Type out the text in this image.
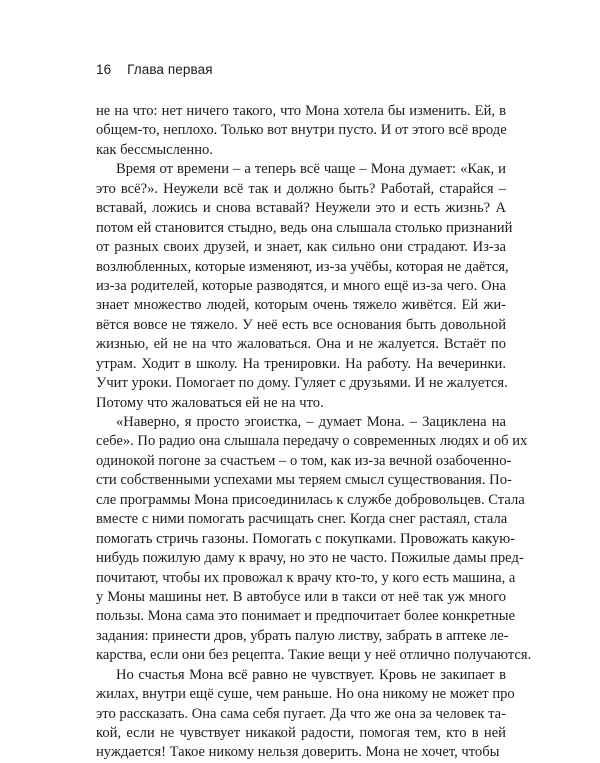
16 Глава первая
не на что: нет ничего такого, что Мона хотела бы изменить. Ей, в
общем-то, неплохо. Только вот внутри пусто. И от этого всё вроде
как бессмысленно.
Время от времени – а теперь всё чаще – Мона думает: «Как, и
это всё?». Неужели всё так и должно быть? Работай, старайся –
вставай, ложись и снова вставай? Неужели это и есть жизнь? А
потом ей становится стыдно, ведь она слышала столько признаний
от разных своих друзей, и знает, как сильно они страдают. Из-за
возлюбленных, которые изменяют, из-за учёбы, которая не даётся,
из-за родителей, которые разводятся, и много ещё из-за чего. Она
знает множество людей, которым очень тяжело живётся. Ей жи-
вётся вовсе не тяжело. У неё есть все основания быть довольной
жизнью, ей не на что жаловаться. Она и не жалуется. Встаёт по
утрам. Ходит в школу. На тренировки. На работу. На вечеринки.
Учит уроки. Помогает по дому. Гуляет с друзьями. И не жалуется.
Потому что жаловаться ей не на что.
«Наверно, я просто эгоистка, – думает Мона. – Зациклена на
себе». По радио она слышала передачу о современных людях и об их
одинокой погоне за счастьем – о том, как из-за вечной озабоченно-
сти собственными успехами мы теряем смысл существования. По-
сле программы Мона присоединилась к службе добровольцев. Стала
вместе с ними помогать расчищать снег. Когда снег растаял, стала
помогать стричь газоны. Помогать с покупками. Провожать какую-
нибудь пожилую даму к врачу, но это не часто. Пожилые дамы пред-
почитают, чтобы их провожал к врачу кто-то, у кого есть машина, а
у Моны машины нет. В автобусе или в такси от неё так уж много
пользы. Мона сама это понимает и предпочитает более конкретные
задания: принести дров, убрать палую листву, забрать в аптеке ле-
карства, если они без рецепта. Такие вещи у неё отлично получаются.
Но счастья Мона всё равно не чувствует. Кровь не закипает в
жилах, внутри ещё суше, чем раньше. Но она никому не может про
это рассказать. Она сама себя пугает. Да что же она за человек та-
кой, если не чувствует никакой радости, помогая тем, кто в ней
нуждается! Такое никому нельзя доверить. Мона не хочет, чтобы
